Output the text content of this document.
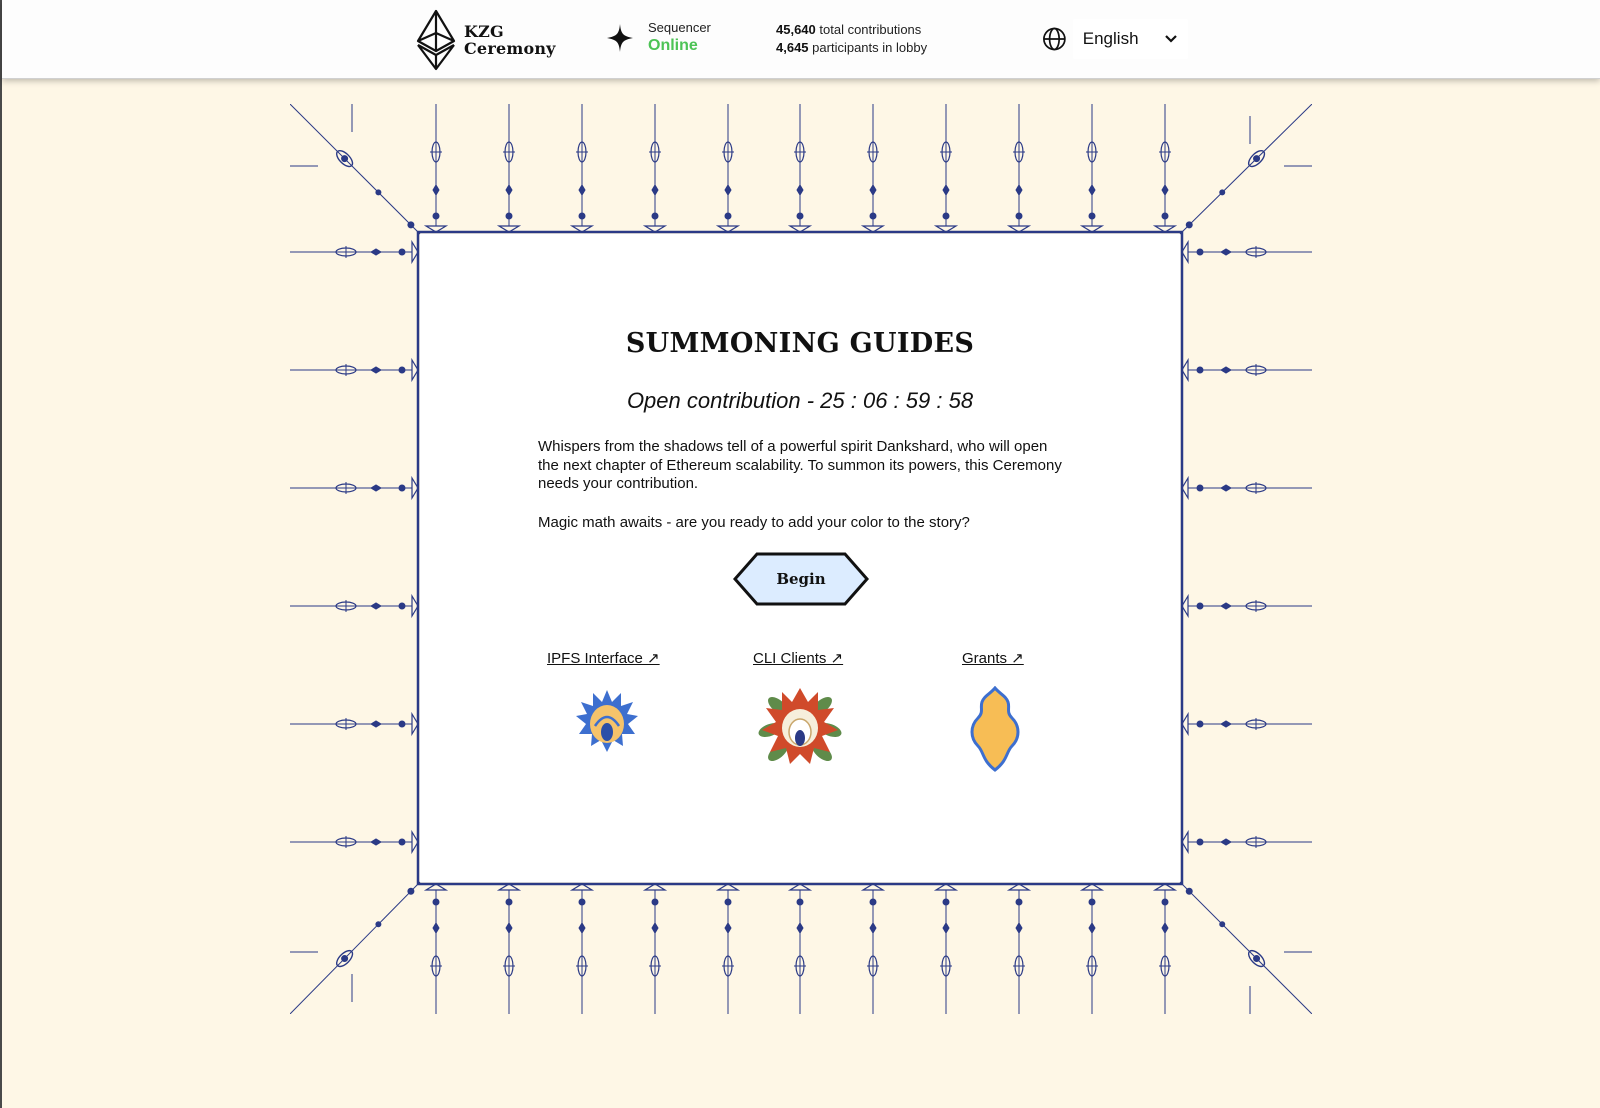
KZG
Ceremony
Sequencer
Online
45,640 total contributions
4,645 participants in lobby	English
SUMMONING GUIDES
Open contribution - 25 : 06 : 59 : 58
Whispers from the shadows tell of a powerful spirit Dankshard, who will open the next chapter of Ethereum scalability. To summon its powers, this Ceremony needs your contribution.
Magic math awaits - are you ready to add your color to the story?
Begin
IPFS Interface ↗	CLI Clients ↗	Grants ↗
